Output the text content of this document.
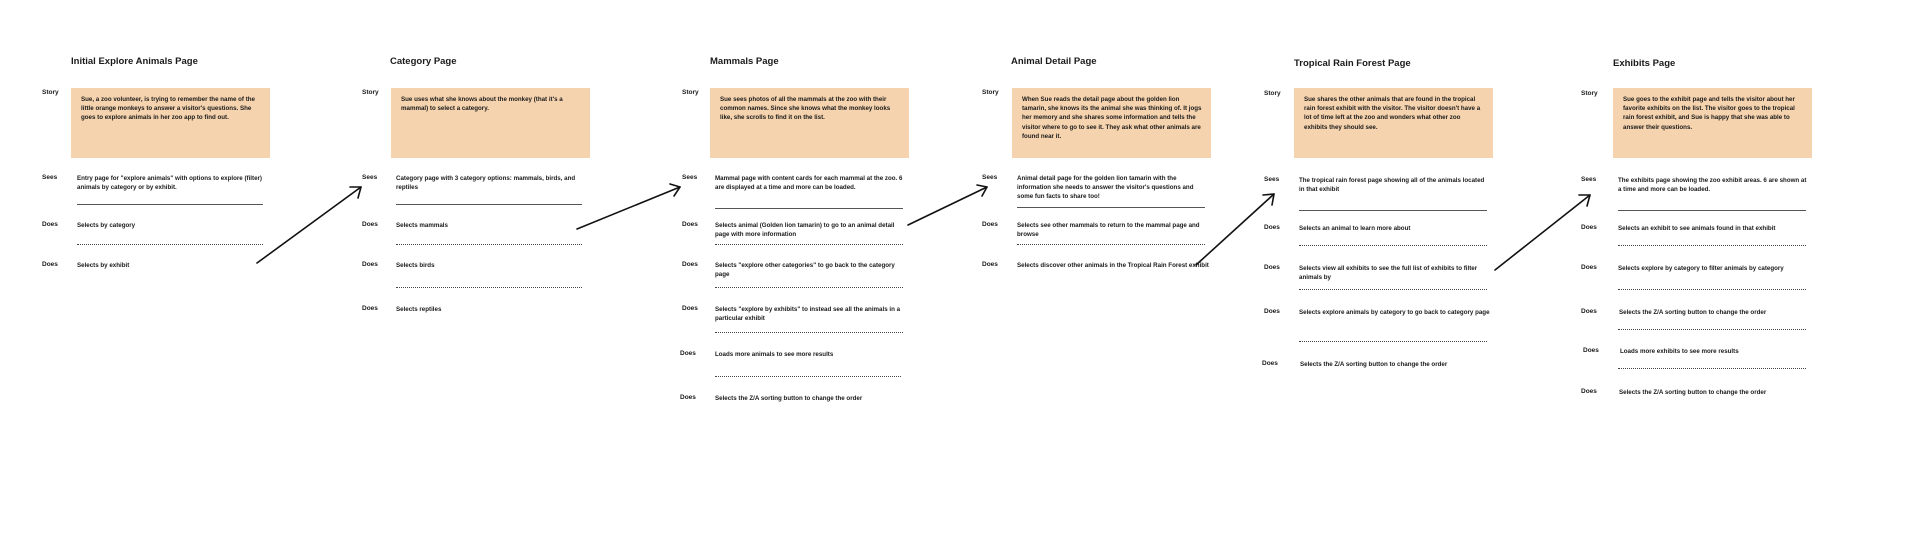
Initial Explore Animals Page
Story
Sue, a zoo volunteer, is trying to remember the name of the little orange monkeys to answer a visitor's questions. She goes to explore animals in her zoo app to find out.
Sees	Entry page for "explore animals" with options to explore (filter) animals by category or by exhibit.
Does	Selects by category
Does	Selects by exhibit
Category Page
Story
Sue uses what she knows about the monkey (that it's a mammal) to select a category.
Sees	Category page with 3 category options: mammals, birds, and reptiles
Does	Selects mammals
Does	Selects birds
Does	Selects reptiles
Mammals Page
Story
Sue sees photos of all the mammals at the zoo with their common names. Since she knows what the monkey looks like, she scrolls to find it on the list.
Sees	Mammal page with content cards for each mammal at the zoo. 6 are displayed at a time and more can be loaded.
Does	Selects animal (Golden lion tamarin) to go to an animal detail page with more information
Does	Selects "explore other categories" to go back to the category page
Does	Selects "explore by exhibits" to instead see all the animals in a particular exhibit
Does	Loads more animals to see more results
Does	Selects the Z/A sorting button to change the order
Animal Detail Page
Story
When Sue reads the detail page about the golden lion tamarin, she knows its the animal she was thinking of. It jogs her memory and she shares some information and tells the visitor where to go to see it. They ask what other animals are found near it.
Sees	Animal detail page for the golden lion tamarin with the information she needs to answer the visitor's questions and some fun facts to share too!
Does	Selects see other mammals to return to the mammal page and browse
Does	Selects discover other animals in the Tropical Rain Forest exhibit
Tropical Rain Forest Page
Story
Sue shares the other animals that are found in the tropical rain forest exhibit with the visitor. The visitor doesn't have a lot of time left at the zoo and wonders what other zoo exhibits they should see.
Sees	The tropical rain forest page showing all of the animals located in that exhibit
Does	Selects an animal to learn more about
Does	Selects view all exhibits to see the full list of exhibits to filter animals by
Does	Selects explore animals by category to go back to category page
Does	Selects the Z/A sorting button to change the order
Exhibits Page
Story
Sue goes to the exhibit page and tells the visitor about her favorite exhibits on the list. The visitor goes to the tropical rain forest exhibit, and Sue is happy that she was able to answer their questions.
Sees	The exhibits page showing the zoo exhibit areas. 6 are shown at a time and more can be loaded.
Does	Selects an exhibit to see animals found in that exhibit
Does	Selects explore by category to filter animals by category
Does	Selects the Z/A sorting button to change the order
Does	Loads more exhibits to see more results
Does	Selects the Z/A sorting button to change the order
